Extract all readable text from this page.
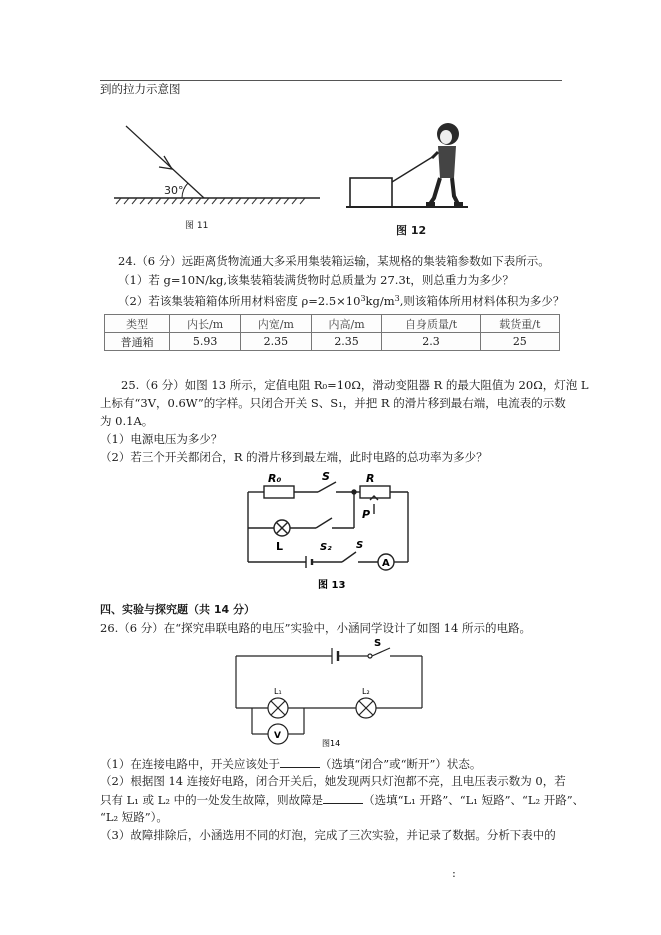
到的拉力示意图
30°
图 11	图 12
24.（6 分）远距离货物流通大多采用集装箱运输，某规格的集装箱参数如下表所示。
（1）若 g=10N/kg,该集装箱装满货物时总质量为 27.3t，则总重力为多少？
（2）若该集装箱箱体所用材料密度 $\rho=2.5\times 10^3kg/m^3$,则该箱体所用材料体积为多少？
类型	内长/m	内宽/m	内高/m	自身质量/t	载货重/t
普通箱	5.93	2.35	2.35	2.3	25
25.（6 分）如图 13 所示，定值电阻 R₀=10Ω，滑动变阻器 R 的最大阻值为 20Ω，灯泡 L
上标有“3V，0.6W”的字样。只闭合开关 S、S₁，并把 R 的滑片移到最右端，电流表的示数
为 0.1A。
（1）电源电压为多少？
（2）若三个开关都闭合，R 的滑片移到最左端，此时电路的总功率为多少？
R₀	S	R
P
L	S₂ S
A
图 13
四、实验与探究题（共 14 分）
26.（6 分）在“探究串联电路的电压”实验中，小涵同学设计了如图 14 所示的电路。
S
L₁	L₂
V
图14
（1）在连接电路中，开关应该处于	（选填“闭合”或“断开”）状态。
（2）根据图 14 连接好电路，闭合开关后，她发现两只灯泡都不亮，且电压表示数为 0，若
只有 L₁ 或 L₂ 中的一处发生故障，则故障是	（选填“L₁ 开路”、“L₁ 短路”、“L₂ 开路”、
“L₂ 短路”）。
（3）故障排除后，小涵选用不同的灯泡，完成了三次实验，并记录了数据。分析下表中的
:
